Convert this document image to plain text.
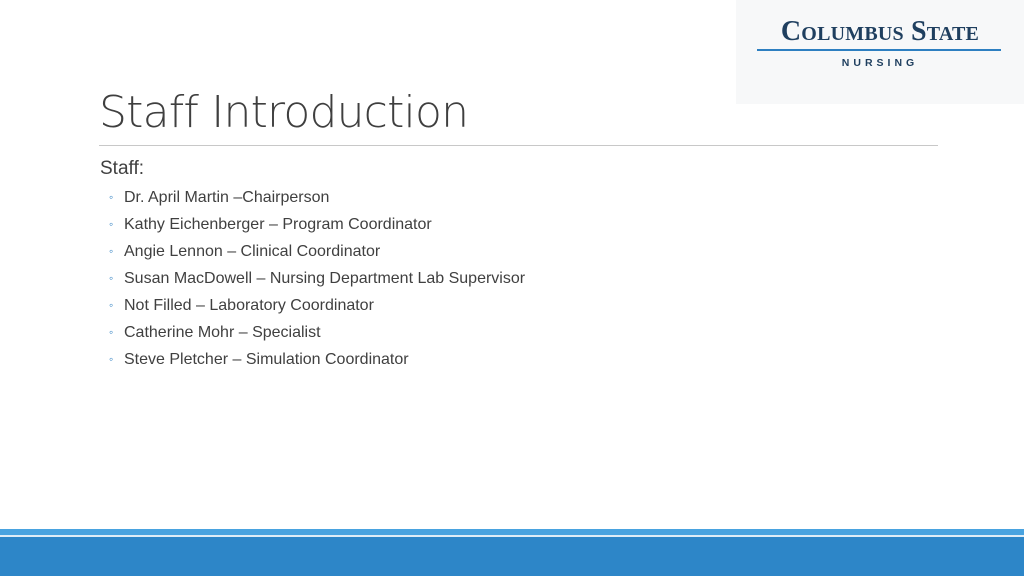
Columbus State
NURSING
Staff Introduction
Staff:
◦ Dr. April Martin –Chairperson
◦ Kathy Eichenberger – Program Coordinator
◦ Angie Lennon – Clinical Coordinator
◦ Susan MacDowell – Nursing Department Lab Supervisor
◦ Not Filled – Laboratory Coordinator
◦ Catherine Mohr – Specialist
◦ Steve Pletcher – Simulation Coordinator
